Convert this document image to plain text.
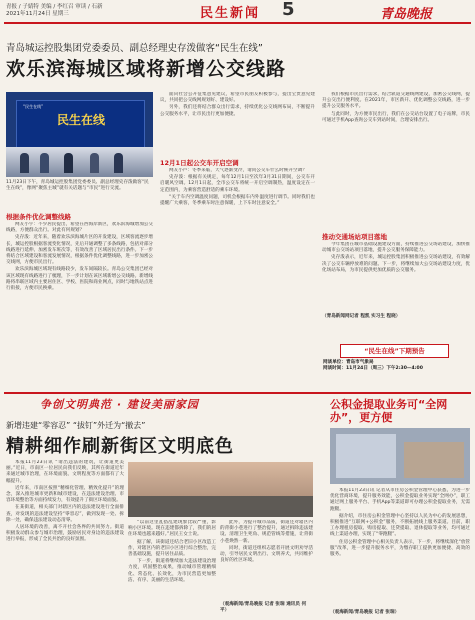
青报 / 子婧特 美编 / 李红召 审读 / 石新
2021年11月24日 星期三	民生新闻 5	青岛晚报
青岛城运控股集团党委委员、副总经理史存泼做客“民生在线”
欢乐滨海城区域将新增公交线路
“民生在线”
民生在线
11月23日下午，青岛城运控股集团党委委员、副总经理史存泼做客“民生在线”，像网“聚焦主城”就有关话题与“市民”进行交流。
根据条件优化调整线路

网友小宇：不少居民提出，希望在西海岸新区，欢乐滨海城增加公交线路，方便群众出行。对此有何规划？

史存泼：近年来，随着欢乐滨海城片区的开发建设，区域客流逐步增长，城运控股根据客流变化情况，先后开通调整了多条线路，包括对部分线路进行延伸、加密发车班次等，有效改善了区域居民出行条件。下一步将结合区域建设和客流发展情况，根据条件优化调整线路，进一步加密公交线网，方便市民出行。

欢乐滨海城区域现有线路较少，发车间隔较长。青岛公交集团已经对该区域现有线路进行了梳理，下一步计划在该区域新增公交线路。新增线路将串联区域内主要居住区、学校、医院和商业网点，同时与地铁站点进行衔接，方便市民换乘。

面向社会公开征集意见建议，希望市民朋友积极参与，提出宝贵意见建议，共同把公交线网规划好、建设好。

另外，我们还将结合群众出行需求，持续优化公交线网布局，不断提升公交服务水平，让市民出行更加便捷。

12月1日起公交车开启空调

网友小卢：冬季来临，天气逐渐变冷，请问公交车什么时候开空调？

史存泼：根据有关规定，每年12月1日至次年3月31日期间，公交车开启暖风空调。12月1日起，全市公交车将统一开启空调制热，温度设定在一定范围内，为乘客营造舒适的乘车环境。

“关于车内空调温度问题，司机会根据车内外温度进行调节。同时我们也提醒广大乘客，冬季乘车时注意保暖，上下车时注意安全。”

我们根据市民出行需求，结合轨道交通线网建设，加密公交线网，提升公交出行便利度。在2021年，市区新开、优化调整公交线路，进一步提升公交服务水平。

与此同时，为方便市民出行，我们在公交站台设置了电子站牌，市民可通过手机App查询公交车到站时间，合理安排出行。

推动交通场站项目落地

今年集团在城市基础设施建设方面，持续推进公交场站建设，加快推动城市公交场站项目落地，提升公交服务保障能力。

史存泼表示，近年来，城运控股集团积极推进公交场站建设，有效解决了公交车辆停放难的问题。下一步，将继续加大公交场站建设力度，优化场站布局，为市民提供更加优质的公交服务。

（青岛新闻网记者 程凯 实习生 程晓）
“民生在线”下期预告
网谈单位：青岛市气象局
网谈时间：11月24日（周三）下午2:30—4:00
争创文明典范 · 建设美丽家园
新增违建“零容忍” “拔钉”外迁为“撤去”
精耕细作刷新街区文明底色

本报11月23日讯 “请出违法的建筑，让街道更美丽。”近日，市南区一位居民向我们反映，其所在街道近年来通过城市治理，在环境面貌、文明程度等方面都有了大幅提升。

近年来，市南区按照“精细化管理、精致化提升”的理念，深入推进城市更新和城市建设，在违法建设治理、市容环境整治等方面持续发力，有效提升了街区环境面貌。

在某街道，相关部门对辖区内的违法建设进行全面排查，对发现的违法建设坚持“零容忍”，做到发现一处、拆除一处，确保违法建设动态清零。

人居环境的改善，离不开社会各界的共同努力。街道积极发动群众参与城市治理，鼓励居民对身边的违法建设进行举报，形成了全民共治的良好氛围。

“以前这里乱搭乱建现象比较严重，影响小区环境。现在违建都拆除了，我们的居住环境也越来越好。”居民王女士说。

据了解，该街道还结合老旧小区改造工作，对辖区内的老旧小区进行综合整治，完善基础设施，提升居住品质。

下一步，街道将继续加大违法建设治理力度，巩固整治成果，推动城市管理精细化、常态化、长效化，为市民营造更加整洁、有序、美丽的生活环境。

此外，为提升城市品质，街道还对辖区内的背街小巷进行了整治提升，通过拆除违法建设、清理卫生死角、规范管线等措施，让背街小巷焕然一新。

同时，街道还组织志愿者开展文明劝导活动，引导居民文明出行、文明养犬，共同维护良好的社区环境。

（观海新闻/青岛晚报 记者 张瑞 通讯员 何平）
公积金提取业务可“全网办”，更方便

本报11月23日讯 记者从市住房公积金管理中心获悉，为进一步优化营商环境，提升服务效能，公积金提取业务实现“全网办”，职工通过网上服务平台、手机App等渠道即可办理公积金提取业务，无需跑腿。

据介绍，市住房公积金管理中心坚持以人民为中心的发展思想，积极推进“互联网+公积金”服务，不断拓展线上服务渠道。目前，职工办理租房提取、购房提取、还贷提取、退休提取等业务，均可通过线上渠道办理，实现了“零跑腿”。

住房公积金管理中心相关负责人表示，下一步，将继续深化“放管服”改革，进一步提升服务水平，为缴存职工提供更加便捷、高效的服务。

（观海新闻/青岛晚报 记者 张瑞）
